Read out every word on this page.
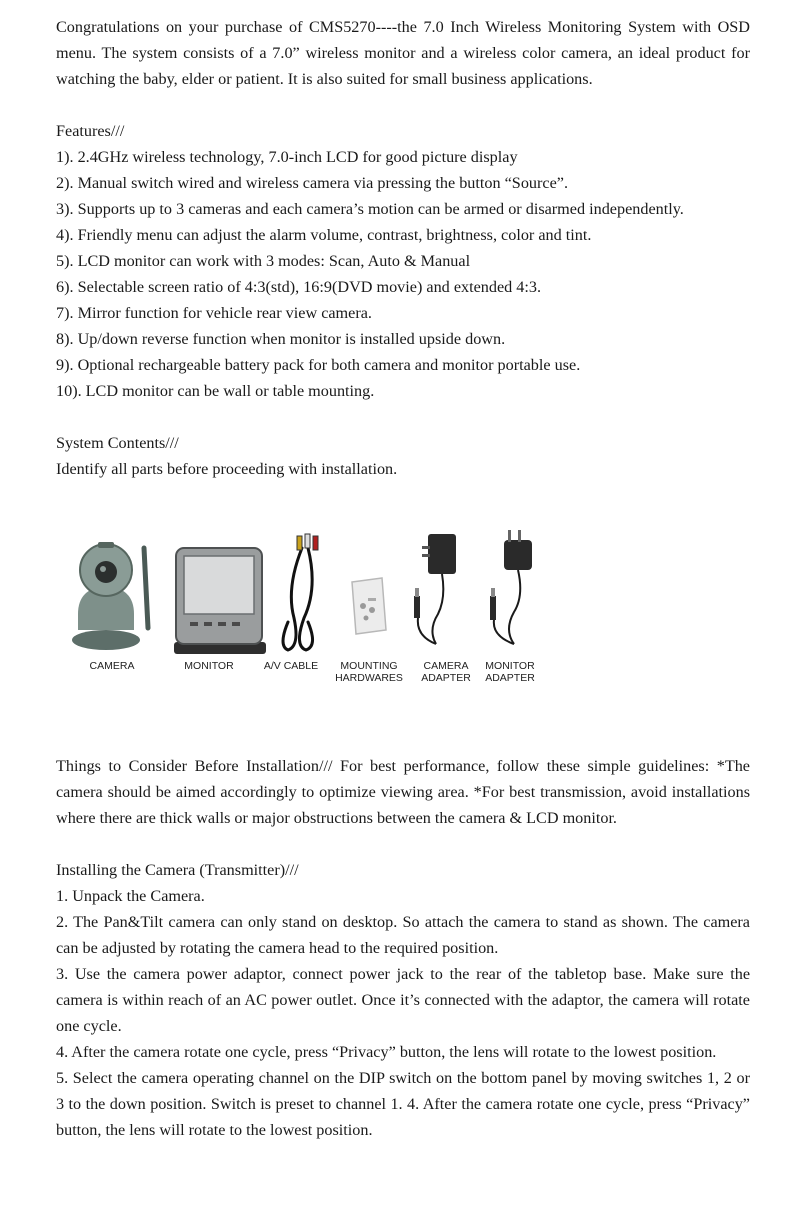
Congratulations on your purchase of CMS5270----the 7.0 Inch Wireless Monitoring System with OSD menu. The system consists of a 7.0” wireless monitor and a wireless color camera, an ideal product for watching the baby, elder or patient. It is also suited for small business applications.

Features///
1). 2.4GHz wireless technology, 7.0-inch LCD for good picture display
2). Manual switch wired and wireless camera via pressing the button “Source”.
3). Supports up to 3 cameras and each camera’s motion can be armed or disarmed independently.
4). Friendly menu can adjust the alarm volume, contrast, brightness, color and tint.
5). LCD monitor can work with 3 modes: Scan, Auto & Manual
6). Selectable screen ratio of 4:3(std), 16:9(DVD movie) and extended 4:3.
7). Mirror function for vehicle rear view camera.
8). Up/down reverse function when monitor is installed upside down.
9). Optional rechargeable battery pack for both camera and monitor portable use.
10). LCD monitor can be wall or table mounting.
System Contents///
Identify all parts before proceeding with installation.
CAMERA	MONITOR	A/V CABLE	MOUNTING
HARDWARES
CAMERA
ADAPTER
MONITOR
ADAPTER

Things to Consider Before Installation/// For best performance, follow these simple guidelines: *The camera should be aimed accordingly to optimize viewing area. *For best transmission, avoid installations where there are thick walls or major obstructions between the camera & LCD monitor.

Installing the Camera (Transmitter)///

1. Unpack the Camera.

2. The Pan&Tilt camera can only stand on desktop. So attach the camera to stand as shown. The camera can be adjusted by rotating the camera head to the required position.

3. Use the camera power adaptor, connect power jack to the rear of the tabletop base. Make sure the camera is within reach of an AC power outlet. Once it’s connected with the adaptor, the camera will rotate one cycle.

4. After the camera rotate one cycle, press “Privacy” button, the lens will rotate to the lowest position.

5. Select the camera operating channel on the DIP switch on the bottom panel by moving switches 1, 2 or 3 to the down position. Switch is preset to channel 1. 4. After the camera rotate one cycle, press “Privacy” button, the lens will rotate to the lowest position.
